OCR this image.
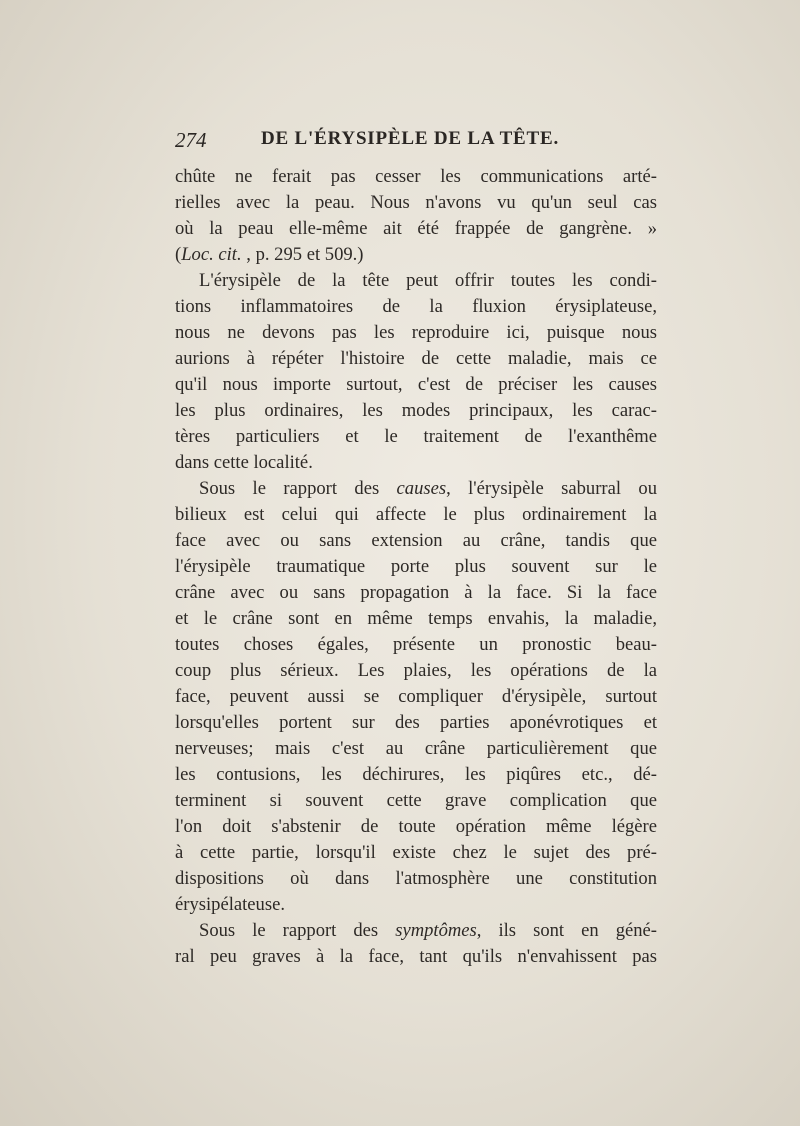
274	DE L'ÉRYSIPÈLE DE LA TÊTE.
chûte ne ferait pas cesser les communications arté-
rielles avec la peau. Nous n'avons vu qu'un seul cas
où la peau elle-même ait été frappée de gangrène. »
(Loc. cit. , p. 295 et 509.)
L'érysipèle de la tête peut offrir toutes les condi-
tions inflammatoires de la fluxion érysiplateuse,
nous ne devons pas les reproduire ici, puisque nous
aurions à répéter l'histoire de cette maladie, mais ce
qu'il nous importe surtout, c'est de préciser les causes
les plus ordinaires, les modes principaux, les carac-
tères particuliers et le traitement de l'exanthême
dans cette localité.
Sous le rapport des causes, l'érysipèle saburral ou
bilieux est celui qui affecte le plus ordinairement la
face avec ou sans extension au crâne, tandis que
l'érysipèle traumatique porte plus souvent sur le
crâne avec ou sans propagation à la face. Si la face
et le crâne sont en même temps envahis, la maladie,
toutes choses égales, présente un pronostic beau-
coup plus sérieux. Les plaies, les opérations de la
face, peuvent aussi se compliquer d'érysipèle, surtout
lorsqu'elles portent sur des parties aponévrotiques et
nerveuses; mais c'est au crâne particulièrement que
les contusions, les déchirures, les piqûres etc., dé-
terminent si souvent cette grave complication que
l'on doit s'abstenir de toute opération même légère
à cette partie, lorsqu'il existe chez le sujet des pré-
dispositions où dans l'atmosphère une constitution
érysipélateuse.
Sous le rapport des symptômes, ils sont en géné-
ral peu graves à la face, tant qu'ils n'envahissent pas
